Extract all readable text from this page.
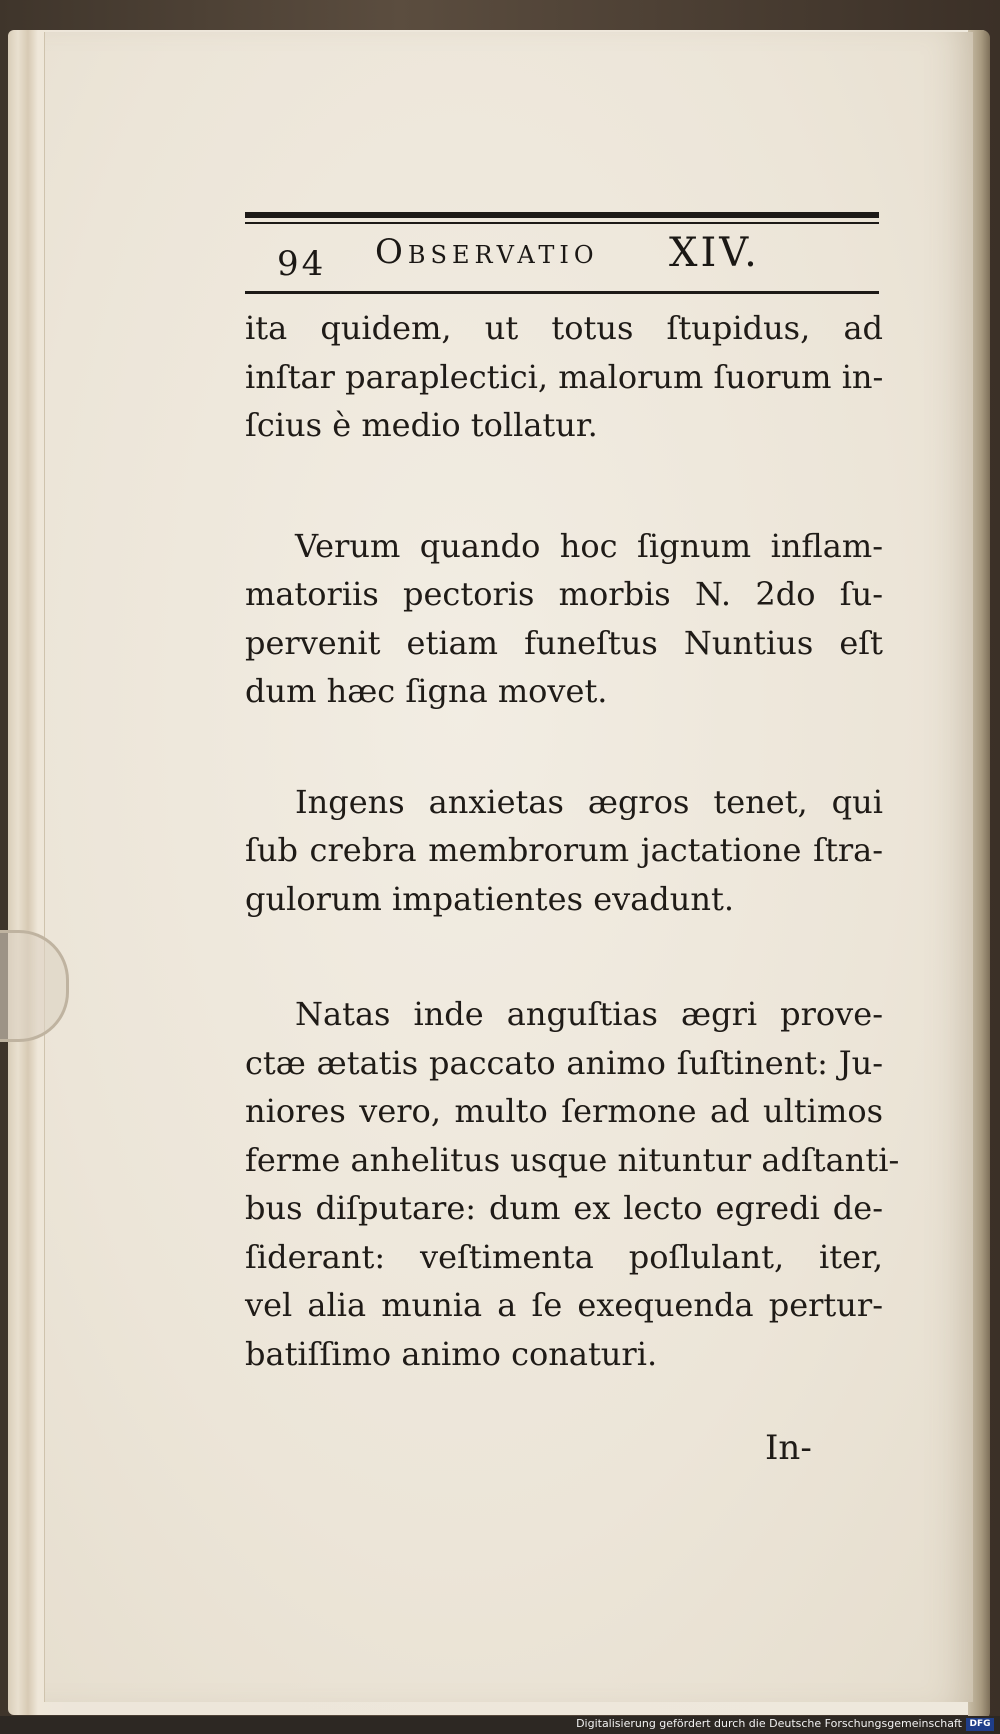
94 Observatio XIV.

ita quidem, ut totus ſtupidus, ad
inſtar paraplectici, malorum ſuorum in-
ſcius è medio tollatur.

Verum quando hoc ſignum inflam-
matoriis pectoris morbis N. 2do ſu-
pervenit etiam funeſtus Nuntius eſt
dum hæc ſigna movet.

Ingens anxietas ægros tenet, qui
ſub crebra membrorum jactatione ſtra-
gulorum impatientes evadunt.

Natas inde anguſtias ægri prove-
ctæ ætatis paccato animo ſuſtinent: Ju-
niores vero, multo ſermone ad ultimos
ferme anhelitus usque nituntur adſtanti-
bus diſputare: dum ex lecto egredi de-
ſiderant: veſtimenta poſlulant, iter,
vel alia munia a ſe exequenda pertur-
batiſſimo animo conaturi.

In-
Digitalisierung gefördert durch die Deutsche Forschungsgemeinschaft DFG
